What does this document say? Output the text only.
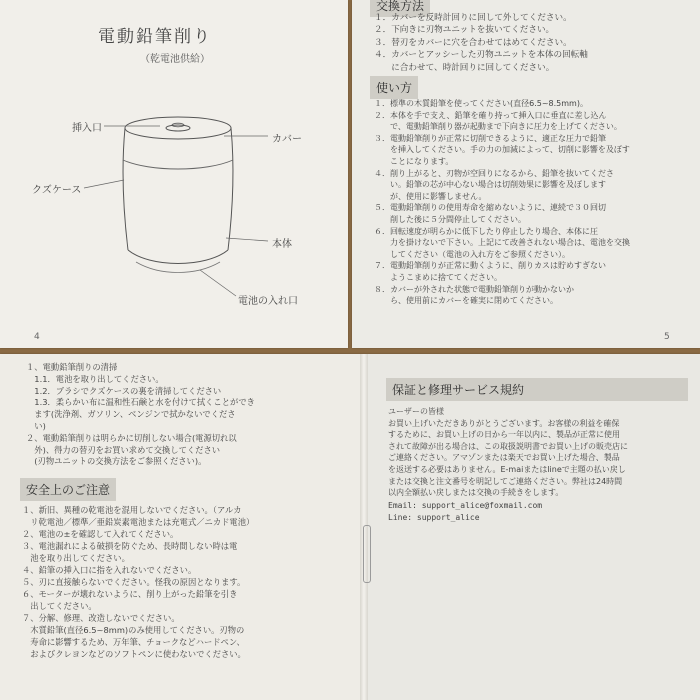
電動鉛筆削り
（乾電池供給）
挿入口
カバー
クズケース
本体
電池の入れ口
4
交換方法
１．カバーを反時計回りに回して外してください。
２．下向きに刃物ユニットを抜いてください。
３．替刃をカバーに穴を合わせてはめてください。
４．カバーとアッシーした刃物ユニットを本体の回転軸
　　に合わせて、時計回りに回してください。
使い方
１．標準の木質鉛筆を使ってください(直径6.5~8.5mm)。
２．本体を手で支え、鉛筆を確り持って挿入口に垂直に差し込ん
　　で、電動鉛筆削り器が起動まで下向きに圧力を上げてください。
３．電動鉛筆削りが正常に切削できるように、適正な圧力で鉛筆
　　を挿入してください。手の力の加減によって、切削に影響を及ぼす
　　ことになります。
４．削り上がると、刃物が空回りになるから、鉛筆を抜いてくださ
　　い。鉛筆の芯が中心ない場合は切削効果に影響を及ぼします
　　が、使用に影響しません。
５．電動鉛筆削りの使用寿命を縮めないように、連続で３０回切
　　削した後に５分間停止してください。
６．回転速度が明らかに低下したり停止したり場合、本体に圧
　　力を掛けないで下さい。上記にて改善されない場合は、電池を交換
　　してください（電池の入れ方をご参照ください）。
７．電動鉛筆削りが正常に動くように、削りカスは貯めすぎない
　　ようこまめに捨ててください。
８．カバーが外された状態で電動鉛筆削りが動かないか
　　ら、使用前にカバーを確実に閉めてください。
5
１、電動鉛筆削りの清掃
　1.1．電池を取り出してください。
　1.2．ブラシでクズケースの裏を清掃してください
　1.3．柔らかい布に温和性石鹸と水を付けて拭くことができ
　ます(洗浄剤、ガソリン、ベンジンで拭かないでくださ
　い)
２、電動鉛筆削りは明らかに切削しない場合(電源切れ以
　外)、得力の替刃をお買い求めて交換してください
　(刃物ユニットの交換方法をご参照ください)。
安全上のご注意
１、新旧、異種の乾電池を混用しないでください。（アルカ
　リ乾電池／標準／亜鉛炭素電池または充電式／ニカド電池）
２、電池の±を確認して入れてください。
３、電池漏れによる破損を防ぐため、長時間しない時は電
　池を取り出してください。
４、鉛筆の挿入口に指を入れないでください。
５、刃に直接触らないでください。怪我の原因となります。
６、モーターが壊れないように、削り上がった鉛筆を引き
　出してください。
７、分解、修理、改造しないでください。
　木質鉛筆(直径6.5~8mm)のみ使用してください。刃物の
　寿命に影響するため、万年筆、チョークなどハードペン、
　およびクレヨンなどのソフトペンに使わないでください。
保証と修理サービス規約
ユーザーの皆様
お買い上げいただきありがとうございます。お客様の利益を確保
するために、お買い上げの日から一年以内に、製品が正常に使用
されて故障が出る場合は、この取扱説明書でお買い上げの販売店に
ご連絡ください。アマゾンまたは楽天でお買い上げた場合、製品
を返送する必要はありません。E-maiまたはlineで主題の払い戻し
または交換と注文番号を明記してご連絡ください。弊社は24時間
以内全額払い戻しまたは交換の手続きをします。
Email: support_alice@foxmail.com
Line: support_alice
